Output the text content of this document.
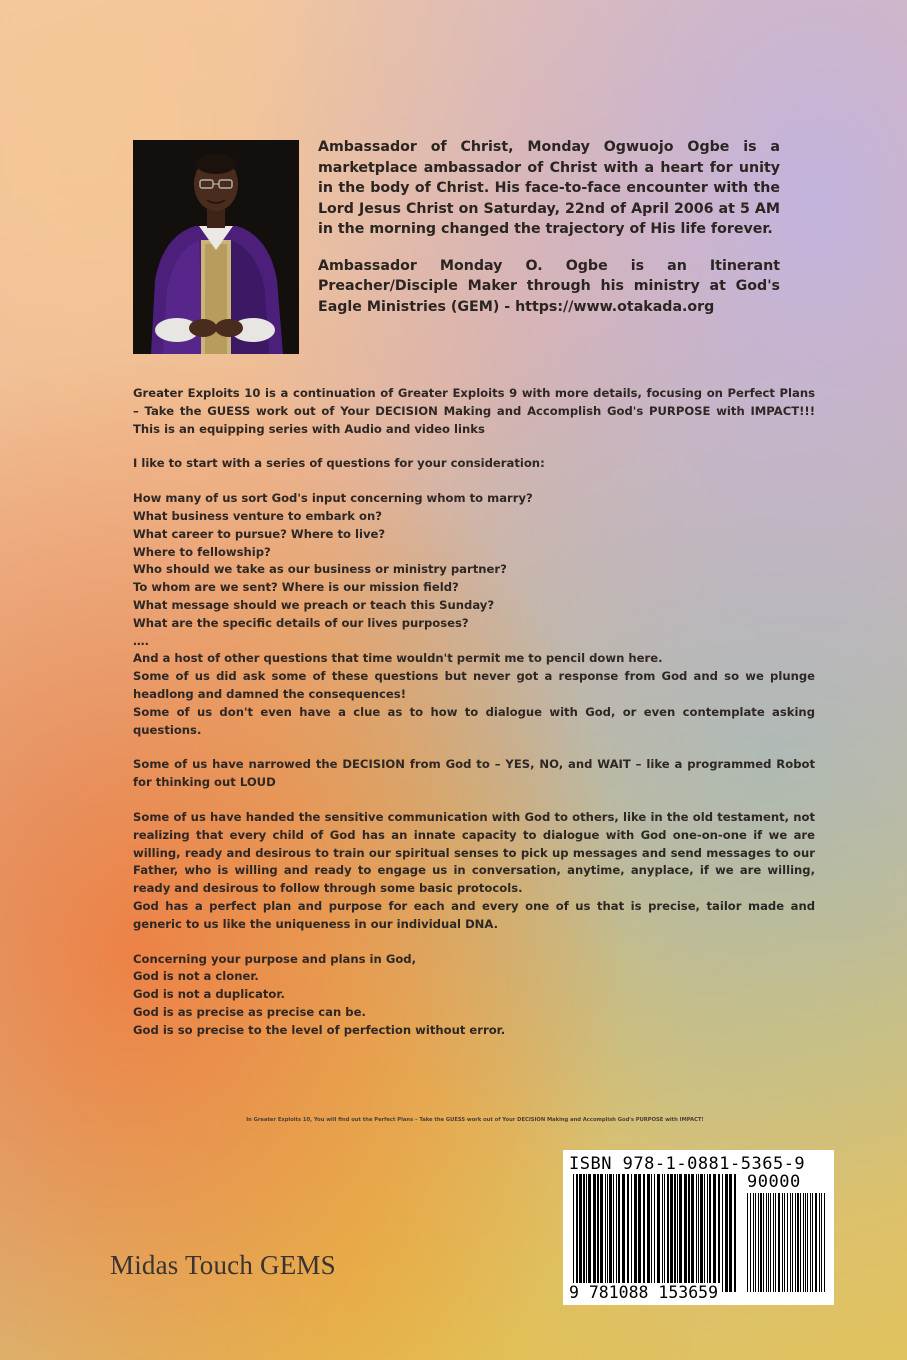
Ambassador of Christ, Monday Ogwuojo Ogbe is a marketplace ambassador of Christ with a heart for unity in the body of Christ. His face-to-face encounter with the Lord Jesus Christ on Saturday, 22nd of April 2006 at 5 AM in the morning changed the trajectory of His life forever.

Ambassador Monday O. Ogbe is an Itinerant Preacher/Disciple Maker through his ministry at God's Eagle Ministries (GEM) - https://www.otakada.org

Greater Exploits 10 is a continuation of Greater Exploits 9 with more details, focusing on Perfect Plans – Take the GUESS work out of Your DECISION Making and Accomplish God's PURPOSE with IMPACT!!! This is an equipping series with Audio and video links

I like to start with a series of questions for your consideration:

How many of us sort God's input concerning whom to marry?
What business venture to embark on?
What career to pursue? Where to live?
Where to fellowship?
Who should we take as our business or ministry partner?
To whom are we sent? Where is our mission field?
What message should we preach or teach this Sunday?
What are the specific details of our lives purposes?
….

And a host of other questions that time wouldn't permit me to pencil down here.
Some of us did ask some of these questions but never got a response from God and so we plunge headlong and damned the consequences!
Some of us don't even have a clue as to how to dialogue with God, or even contemplate asking questions.

Some of us have narrowed the DECISION from God to – YES, NO, and WAIT – like a programmed Robot for thinking out LOUD

Some of us have handed the sensitive communication with God to others, like in the old testament, not realizing that every child of God has an innate capacity to dialogue with God one-on-one if we are willing, ready and desirous to train our spiritual senses to pick up messages and send messages to our Father, who is willing and ready to engage us in conversation, anytime, anyplace, if we are willing, ready and desirous to follow through some basic protocols.

God has a perfect plan and purpose for each and every one of us that is precise, tailor made and generic to us like the uniqueness in our individual DNA.

Concerning your purpose and plans in God,
God is not a cloner.
God is not a duplicator.
God is as precise as precise can be.
God is so precise to the level of perfection without error.

In Greater Exploits 10, You will find out the Perfect Plans – Take the GUESS work out of Your DECISION Making and Accomplish God's PURPOSE with IMPACT!
Midas Touch GEMS
ISBN 978-1-0881-5365-9
90000
9 781088 153659
